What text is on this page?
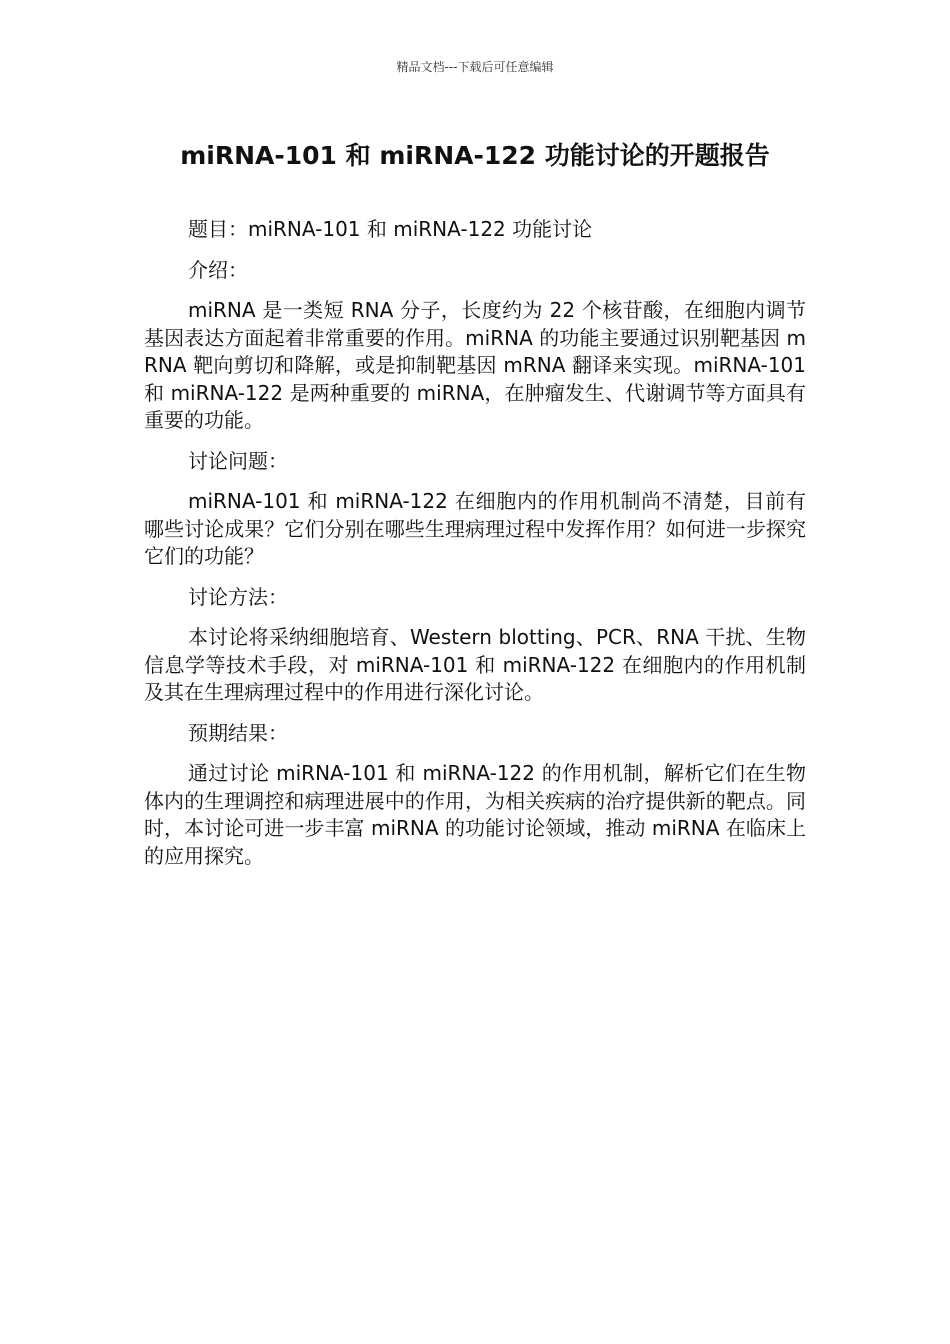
精品文档---下载后可任意编辑
miRNA-101 和 miRNA-122 功能讨论的开题报告

题目：miRNA-101 和 miRNA-122 功能讨论

介绍：

miRNA 是一类短 RNA 分子，长度约为 22 个核苷酸，在细胞内调节基因表达方面起着非常重要的作用。miRNA 的功能主要通过识别靶基因 mRNA 靶向剪切和降解，或是抑制靶基因 mRNA 翻译来实现。miRNA-101 和 miRNA-122 是两种重要的 miRNA，在肿瘤发生、代谢调节等方面具有重要的功能。

讨论问题：

miRNA-101 和 miRNA-122 在细胞内的作用机制尚不清楚，目前有哪些讨论成果？它们分别在哪些生理病理过程中发挥作用？如何进一步探究它们的功能？

讨论方法：

本讨论将采纳细胞培育、Western blotting、PCR、RNA 干扰、生物信息学等技术手段，对 miRNA-101 和 miRNA-122 在细胞内的作用机制及其在生理病理过程中的作用进行深化讨论。

预期结果：

通过讨论 miRNA-101 和 miRNA-122 的作用机制，解析它们在生物体内的生理调控和病理进展中的作用，为相关疾病的治疗提供新的靶点。同时，本讨论可进一步丰富 miRNA 的功能讨论领域，推动 miRNA 在临床上的应用探究。
